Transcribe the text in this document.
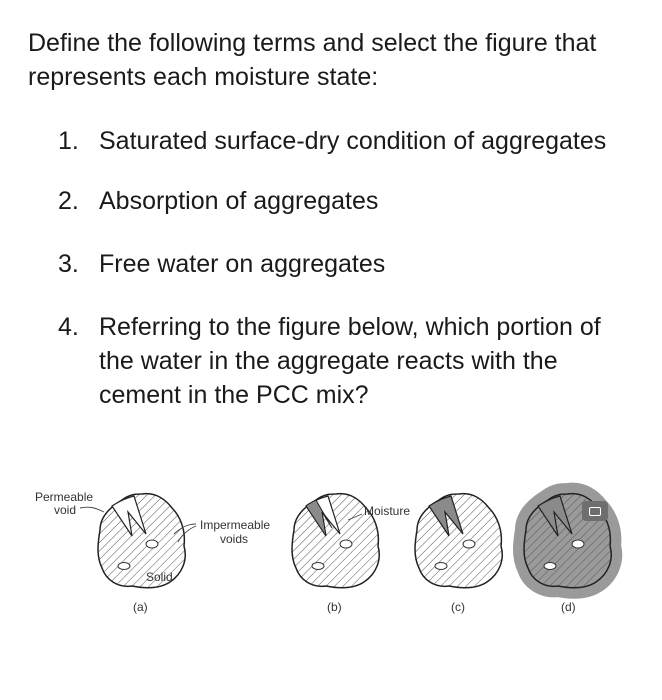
Define the following terms and select the figure that represents each moisture state:

1. Saturated surface-dry condition of aggregates
2. Absorption of aggregates
3. Free water on aggregates
4. Referring to the figure below, which portion of the water in the aggregate reacts with the cement in the PCC mix?
Permeable
void
Impermeable
voids
Solid
Moisture
(a)	(b)	(c)	(d)
